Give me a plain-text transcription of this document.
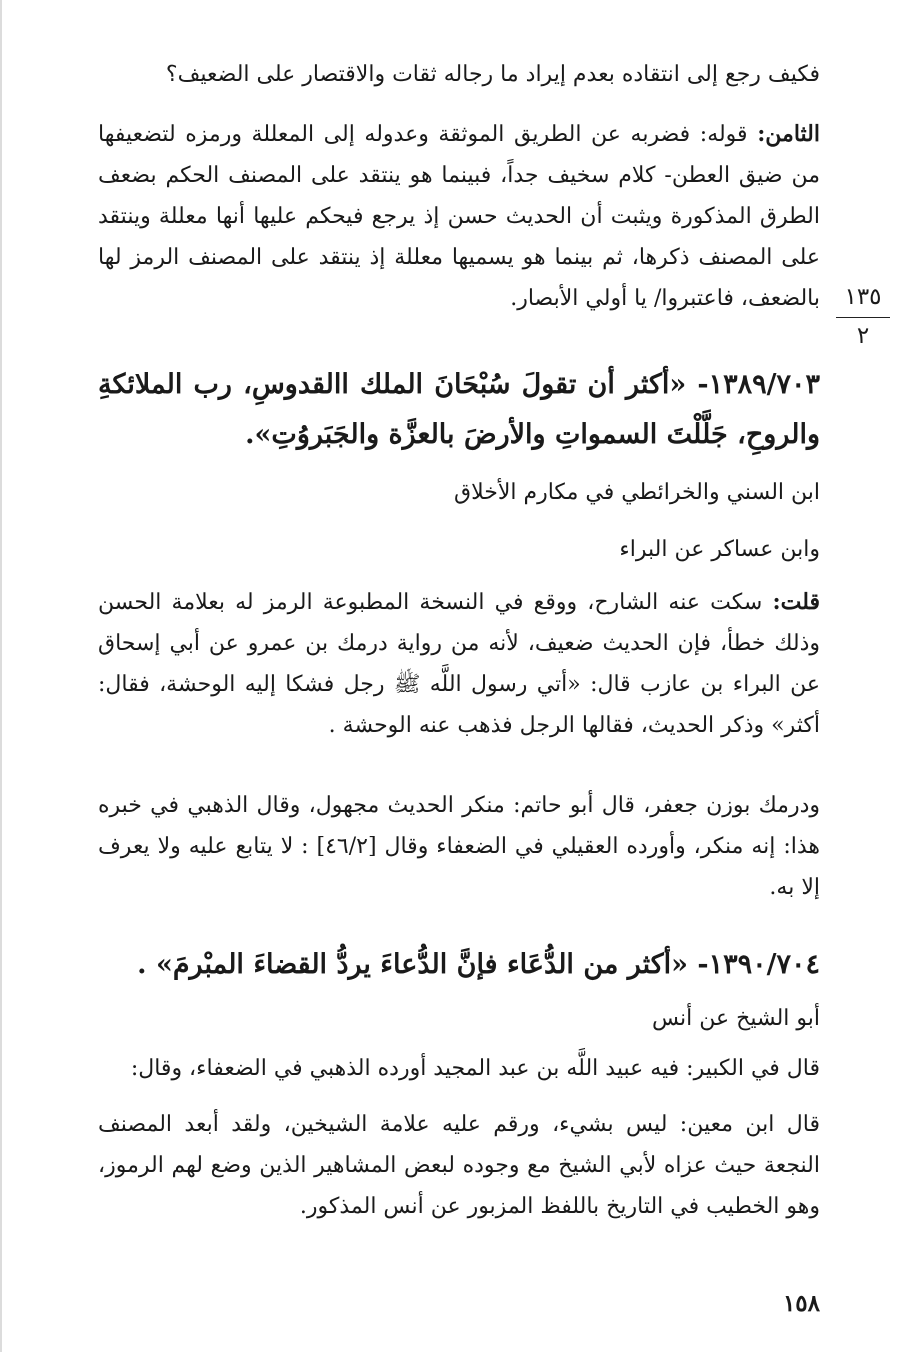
فكيف رجع إلى انتقاده بعدم إيراد ما رجاله ثقات والاقتصار على الضعيف؟
الثامن: قوله: فضربه عن الطريق الموثقة وعدوله إلى المعللة ورمزه لتضعيفها من ضيق العطن- كلام سخيف جداً، فبينما هو ينتقد على المصنف الحكم بضعف الطرق المذكورة ويثبت أن الحديث حسن إذ يرجع فيحكم عليها أنها معللة وينتقد على المصنف ذكرها، ثم بينما هو يسميها معللة إذ ينتقد على المصنف الرمز لها بالضعف، فاعتبروا/ يا أولي الأبصار.	١٣٥
٢
١٣٨٩/٧٠٣- «أكثر أن تقولَ سُبْحَانَ الملك االقدوسِ، رب الملائكةِ والروحِ، جَلَّلْتَ السمواتِ والأرضَ بالعزَّة والجَبَروُتِ».
ابن السني والخرائطي في مكارم الأخلاق
وابن عساكر عن البراء
قلت: سكت عنه الشارح، ووقع في النسخة المطبوعة الرمز له بعلامة الحسن وذلك خطأ، فإن الحديث ضعيف، لأنه من رواية درمك بن عمرو عن أبي إسحاق عن البراء بن عازب قال: «أتي رسول اللَّه ﷺ رجل فشكا إليه الوحشة، فقال: أكثر» وذكر الحديث، فقالها الرجل فذهب عنه الوحشة .
ودرمك بوزن جعفر، قال أبو حاتم: منكر الحديث مجهول، وقال الذهبي في خبره هذا: إنه منكر، وأورده العقيلي في الضعفاء وقال [٤٦/٢] : لا يتابع عليه ولا يعرف إلا به.
١٣٩٠/٧٠٤- «أكثر من الدُّعَاء فإنَّ الدُّعاءَ يردُّ القضاءَ المبْرمَ» .
أبو الشيخ عن أنس
قال في الكبير: فيه عبيد اللَّه بن عبد المجيد أورده الذهبي في الضعفاء، وقال:
قال ابن معين: ليس بشيء، ورقم عليه علامة الشيخين، ولقد أبعد المصنف النجعة حيث عزاه لأبي الشيخ مع وجوده لبعض المشاهير الذين وضع لهم الرموز، وهو الخطيب في التاريخ باللفظ المزبور عن أنس المذكور.
١٥٨
